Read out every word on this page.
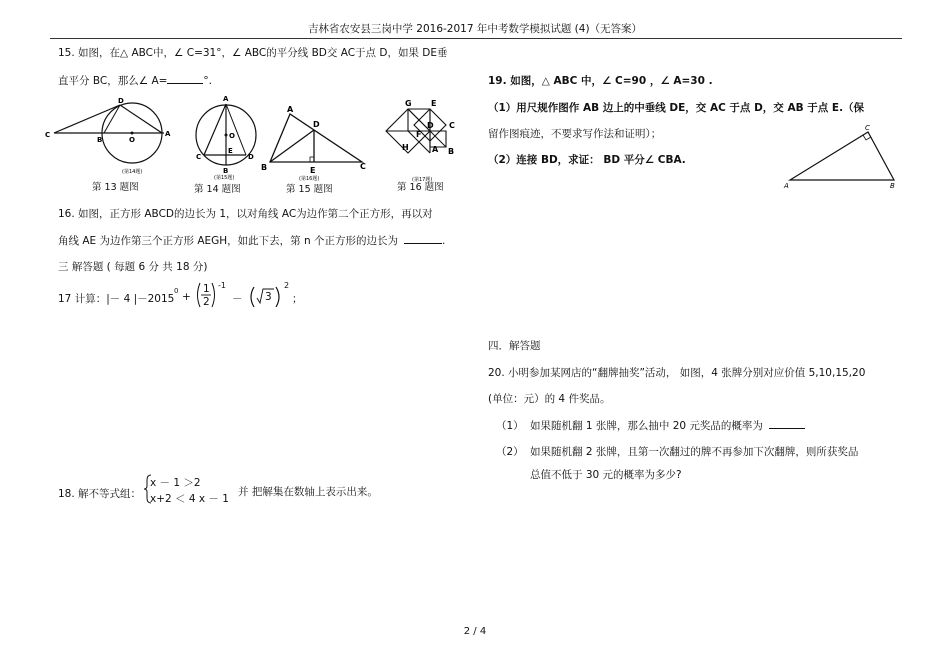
吉林省农安县三岗中学 2016-2017 年中考数学模拟试题 (4)（无答案）
15. 如图，在△ ABC中，∠ C=31°，∠ ABC的平分线 BD交 AC于点 D，如果 DE垂
直平分 BC，那么∠ A=	°.
C
D
B	O
A
(第14题)
第 13 题图
A
O
E
C	D
B
(第15题)
第 14 题图
A
D
B	E	C
(第16题)
第 15 题图
G E
D C
F
H	A B
(第17题)
第 16 题图
16. 如图，正方形 ABCD的边长为 1，以对角线 AC为边作第二个正方形，再以对
角线 AE 为边作第三个正方形 AEGH，如此下去，第 n 个正方形的边长为	.
三 解答题 ( 每题 6 分 共 18 分)
17 计算：|－ 4 |－2015
0 +
1
2
-1
－ 3
2
；
18. 解不等式组：
x － 1 ＞2
x+2 ＜ 4 x － 1
并 把解集在数轴上表示出来。
19. 如图，△ ABC 中，∠ C=90 ，∠ A=30 .
（1）用尺规作图作 AB 边上的中垂线 DE，交 AC 于点 D，交 AB 于点 E.（保
留作图痕迹，不要求写作法和证明）；
（2）连接 BD，求证： BD 平分∠ CBA.
C
A	B
四．解答题
20. 小明参加某网店的“翻牌抽奖”活动， 如图，4 张牌分别对应价值 5,10,15,20
(单位：元）的 4 件奖品。
（1） 如果随机翻 1 张牌，那么抽中 20 元奖品的概率为
（2） 如果随机翻 2 张牌，且第一次翻过的牌不再参加下次翻牌，则所获奖品
总值不低于 30 元的概率为多少?
2 / 4
